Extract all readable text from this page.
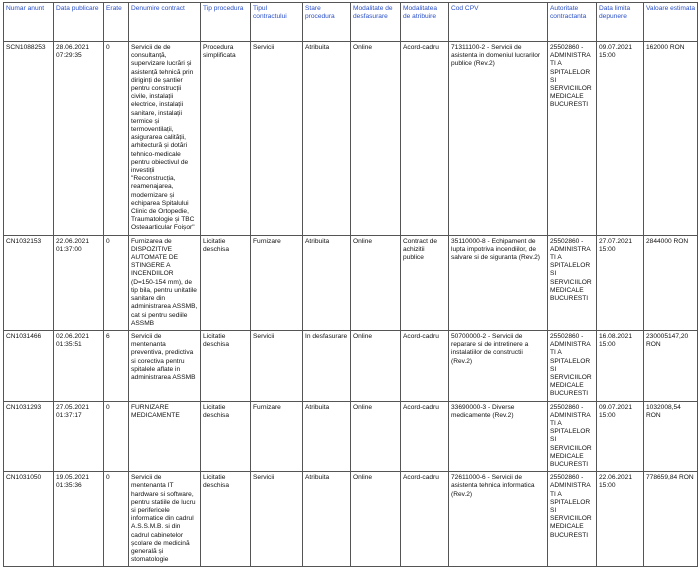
Numar anunt	Data publicare	Erate	Denumire contract	Tip procedura	Tipul contractului	Stare procedura	Modalitate de desfasurare	Modalitatea de atribuire	Cod CPV	Autoritate contractanta	Data limita depunere	Valoare estimata
SCN1088253	28.06.2021 07:29:35	0	Servicii de de consultanță, supervizare lucrări și asistență tehnică prin diriginți de șantier pentru construcții civile, instalații electrice, instalații sanitare, instalații termice și termoventilații, asigurarea calității, arhitectură și dotări tehnico-medicale pentru obiectivul de investiții "Reconstrucția, reamenajarea, modernizare și echiparea Spitalului Clinic de Ortopedie, Traumatologie și TBC Osteaarticular Foișor"	Procedura simplificata	Servicii	Atribuita	Online	Acord-cadru	71311100-2 - Servicii de asistenta in domeniul lucrarilor publice (Rev.2)	25502860 - ADMINISTRATI A SPITALELOR SI SERVICIILOR MEDICALE BUCURESTI	09.07.2021 15:00	162000 RON
CN1032153	22.06.2021 01:37:00	0	Furnizarea de DISPOZITIVE AUTOMATE DE STINGERE A INCENDIILOR (D=150-154 mm), de tip bila, pentru unitatile sanitare din administrarea ASSMB, cat si pentru sediile ASSMB	Licitatie deschisa	Furnizare	Atribuita	Online	Contract de achizitii publice	35110000-8 - Echipament de lupta impotriva incendiilor, de salvare si de siguranta (Rev.2)	25502860 - ADMINISTRATI A SPITALELOR SI SERVICIILOR MEDICALE BUCURESTI	27.07.2021 15:00	2844000 RON
CN1031466	02.06.2021 01:35:51	6	Servicii de mentenanta preventiva, predictiva si corectiva pentru spitalele aflate in administrarea ASSMB	Licitatie deschisa	Servicii	In desfasurare	Online	Acord-cadru	50700000-2 - Servicii de reparare si de intretinere a instalatiilor de constructii (Rev.2)	25502860 - ADMINISTRATI A SPITALELOR SI SERVICIILOR MEDICALE BUCURESTI	16.08.2021 15:00	230005147,20 RON
CN1031293	27.05.2021 01:37:17	0	FURNIZARE MEDICAMENTE	Licitatie deschisa	Furnizare	Atribuita	Online	Acord-cadru	33690000-3 - Diverse medicamente (Rev.2)	25502860 - ADMINISTRATI A SPITALELOR SI SERVICIILOR MEDICALE BUCURESTI	09.07.2021 15:00	1032008,54 RON
CN1031050	19.05.2021 01:35:36	0	Servicii de mentenanta IT hardware si software, pentru statiile de lucru si perifericele informatice din cadrul A.S.S.M.B. si din cadrul cabinetelor școlare de medicină generală și stomatologie	Licitatie deschisa	Servicii	Atribuita	Online	Acord-cadru	72611000-6 - Servicii de asistenta tehnica informatica (Rev.2)	25502860 - ADMINISTRATI A SPITALELOR SI SERVICIILOR MEDICALE BUCURESTI	22.06.2021 15:00	778659,84 RON
